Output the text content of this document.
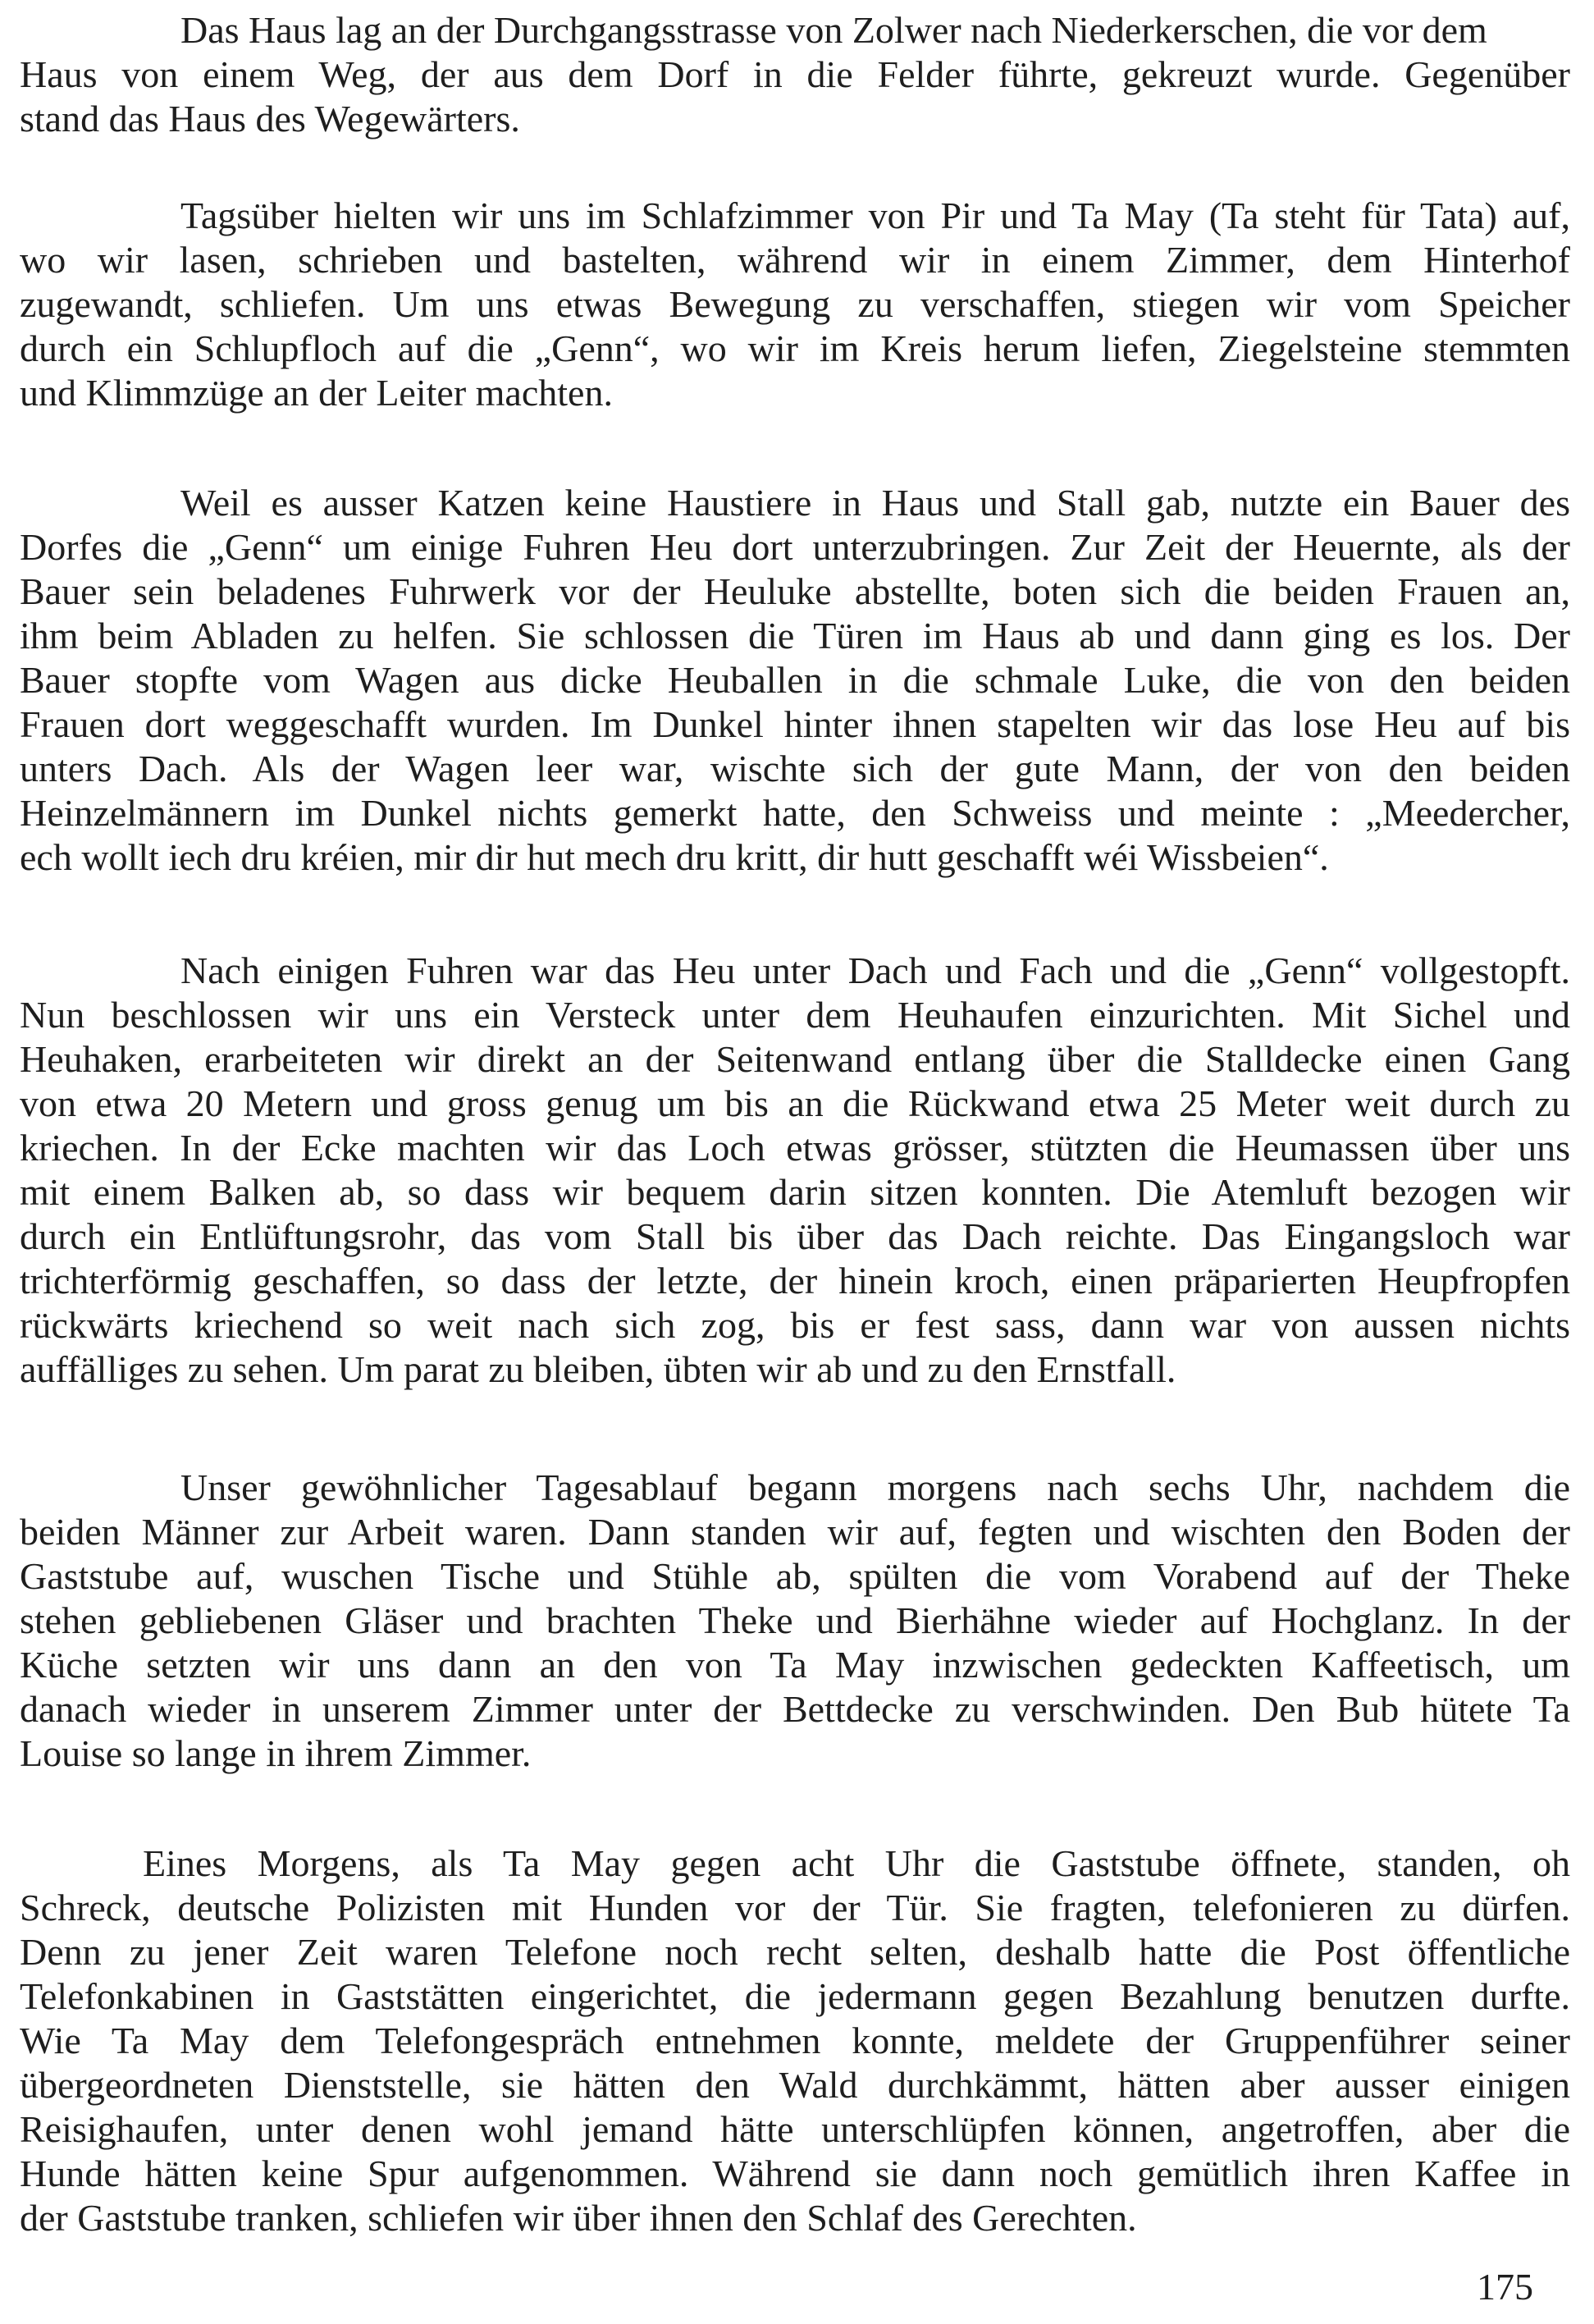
Das Haus lag an der Durchgangsstrasse von Zolwer nach Niederkerschen, die vor dem
Haus von einem Weg, der aus dem Dorf in die Felder führte, gekreuzt wurde. Gegenüber
stand das Haus des Wegewärters.

Tagsüber hielten wir uns im Schlafzimmer von Pir und Ta May (Ta steht für Tata) auf,
wo wir lasen, schrieben und bastelten, während wir in einem Zimmer, dem Hinterhof
zugewandt, schliefen. Um uns etwas Bewegung zu verschaffen, stiegen wir vom Speicher
durch ein Schlupfloch auf die „Genn“, wo wir im Kreis herum liefen, Ziegelsteine stemmten
und Klimmzüge an der Leiter machten.

Weil es ausser Katzen keine Haustiere in Haus und Stall gab, nutzte ein Bauer des
Dorfes die „Genn“ um einige Fuhren Heu dort unterzubringen. Zur Zeit der Heuernte, als der
Bauer sein beladenes Fuhrwerk vor der Heuluke abstellte, boten sich die beiden Frauen an,
ihm beim Abladen zu helfen. Sie schlossen die Türen im Haus ab und dann ging es los. Der
Bauer stopfte vom Wagen aus dicke Heuballen in die schmale Luke, die von den beiden
Frauen dort weggeschafft wurden. Im Dunkel hinter ihnen stapelten wir das lose Heu auf bis
unters Dach. Als der Wagen leer war, wischte sich der gute Mann, der von den beiden
Heinzelmännern im Dunkel nichts gemerkt hatte, den Schweiss und meinte : „Meedercher,
ech wollt iech dru kréien, mir dir hut mech dru kritt, dir hutt geschafft wéi Wissbeien“.

Nach einigen Fuhren war das Heu unter Dach und Fach und die „Genn“ vollgestopft.
Nun beschlossen wir uns ein Versteck unter dem Heuhaufen einzurichten. Mit Sichel und
Heuhaken, erarbeiteten wir direkt an der Seitenwand entlang über die Stalldecke einen Gang
von etwa 20 Metern und gross genug um bis an die Rückwand etwa 25 Meter weit durch zu
kriechen. In der Ecke machten wir das Loch etwas grösser, stützten die Heumassen über uns
mit einem Balken ab, so dass wir bequem darin sitzen konnten. Die Atemluft bezogen wir
durch ein Entlüftungsrohr, das vom Stall bis über das Dach reichte. Das Eingangsloch war
trichterförmig geschaffen, so dass der letzte, der hinein kroch, einen präparierten Heupfropfen
rückwärts kriechend so weit nach sich zog, bis er fest sass, dann war von aussen nichts
auffälliges zu sehen. Um parat zu bleiben, übten wir ab und zu den Ernstfall.

Unser gewöhnlicher Tagesablauf begann morgens nach sechs Uhr, nachdem die
beiden Männer zur Arbeit waren. Dann standen wir auf, fegten und wischten den Boden der
Gaststube auf, wuschen Tische und Stühle ab, spülten die vom Vorabend auf der Theke
stehen gebliebenen Gläser und brachten Theke und Bierhähne wieder auf Hochglanz. In der
Küche setzten wir uns dann an den von Ta May inzwischen gedeckten Kaffeetisch, um
danach wieder in unserem Zimmer unter der Bettdecke zu verschwinden. Den Bub hütete Ta
Louise so lange in ihrem Zimmer.

Eines Morgens, als Ta May gegen acht Uhr die Gaststube öffnete, standen, oh
Schreck, deutsche Polizisten mit Hunden vor der Tür. Sie fragten, telefonieren zu dürfen.
Denn zu jener Zeit waren Telefone noch recht selten, deshalb hatte die Post öffentliche
Telefonkabinen in Gaststätten eingerichtet, die jedermann gegen Bezahlung benutzen durfte.
Wie Ta May dem Telefongespräch entnehmen konnte, meldete der Gruppenführer seiner
übergeordneten Dienststelle, sie hätten den Wald durchkämmt, hätten aber ausser einigen
Reisighaufen, unter denen wohl jemand hätte unterschlüpfen können, angetroffen, aber die
Hunde hätten keine Spur aufgenommen. Während sie dann noch gemütlich ihren Kaffee in
der Gaststube tranken, schliefen wir über ihnen den Schlaf des Gerechten.

175
